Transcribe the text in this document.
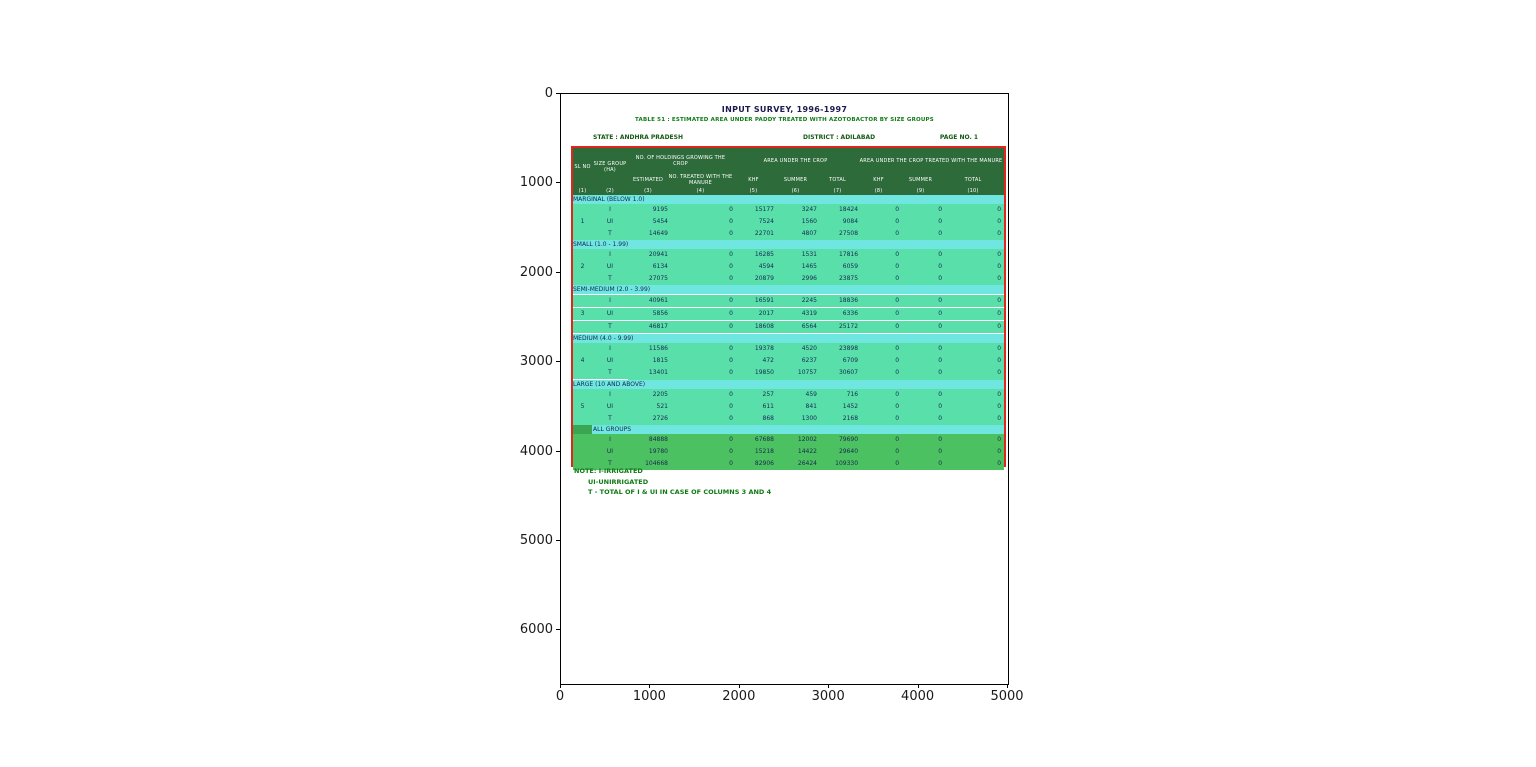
0
1000
2000
3000
4000
5000
6000
0	1000	2000	3000	4000	5000
INPUT SURVEY, 1996-1997
TABLE 51 : ESTIMATED AREA UNDER PADDY TREATED WITH AZOTOBACTOR BY SIZE GROUPS
STATE : ANDHRA PRADESH	DISTRICT : ADILABAD	PAGE NO. 1
SL NO	SIZE GROUP (HA)	NO. OF HOLDINGS GROWING THE CROP		AREA UNDER THE CROP			AREA UNDER THE CROP TREATED WITH THE MANURE		
		ESTIMATED	NO. TREATED WITH THE MANURE	KHF	SUMMER	TOTAL	KHF	SUMMER	TOTAL
(1)	(2)	(3)	(4)	(5)	(6)	(7)	(8)	(9)	(10)
MARGINAL (BELOW 1.0)									
	I	9195	0	15177	3247	18424	0	0	0
1	UI	5454	0	7524	1560	9084	0	0	0
	T	14649	0	22701	4807	27508	0	0	0
SMALL (1.0 - 1.99)									
	I	20941	0	16285	1531	17816	0	0	0
2	UI	6134	0	4594	1465	6059	0	0	0
	T	27075	0	20879	2996	23875	0	0	0
SEMI-MEDIUM (2.0 - 3.99)									
	I	40961	0	16591	2245	18836	0	0	0
3	UI	5856	0	2017	4319	6336	0	0	0
	T	46817	0	18608	6564	25172	0	0	0
MEDIUM (4.0 - 9.99)									
	I	11586	0	19378	4520	23898	0	0	0
4	UI	1815	0	472	6237	6709	0	0	0
	T	13401	0	19850	10757	30607	0	0	0
LARGE (10 AND ABOVE)									
	I	2205	0	257	459	716	0	0	0
5	UI	521	0	611	841	1452	0	0	0
	T	2726	0	868	1300	2168	0	0	0
	ALL GROUPS								
	I	84888	0	67688	12002	79690	0	0	0
	UI	19780	0	15218	14422	29640	0	0	0
	T	104668	0	82906	26424	109330	0	0	0
NOTE: I-IRRIGATED
UI-UNIRRIGATED
T - TOTAL OF I & UI IN CASE OF COLUMNS 3 AND 4
